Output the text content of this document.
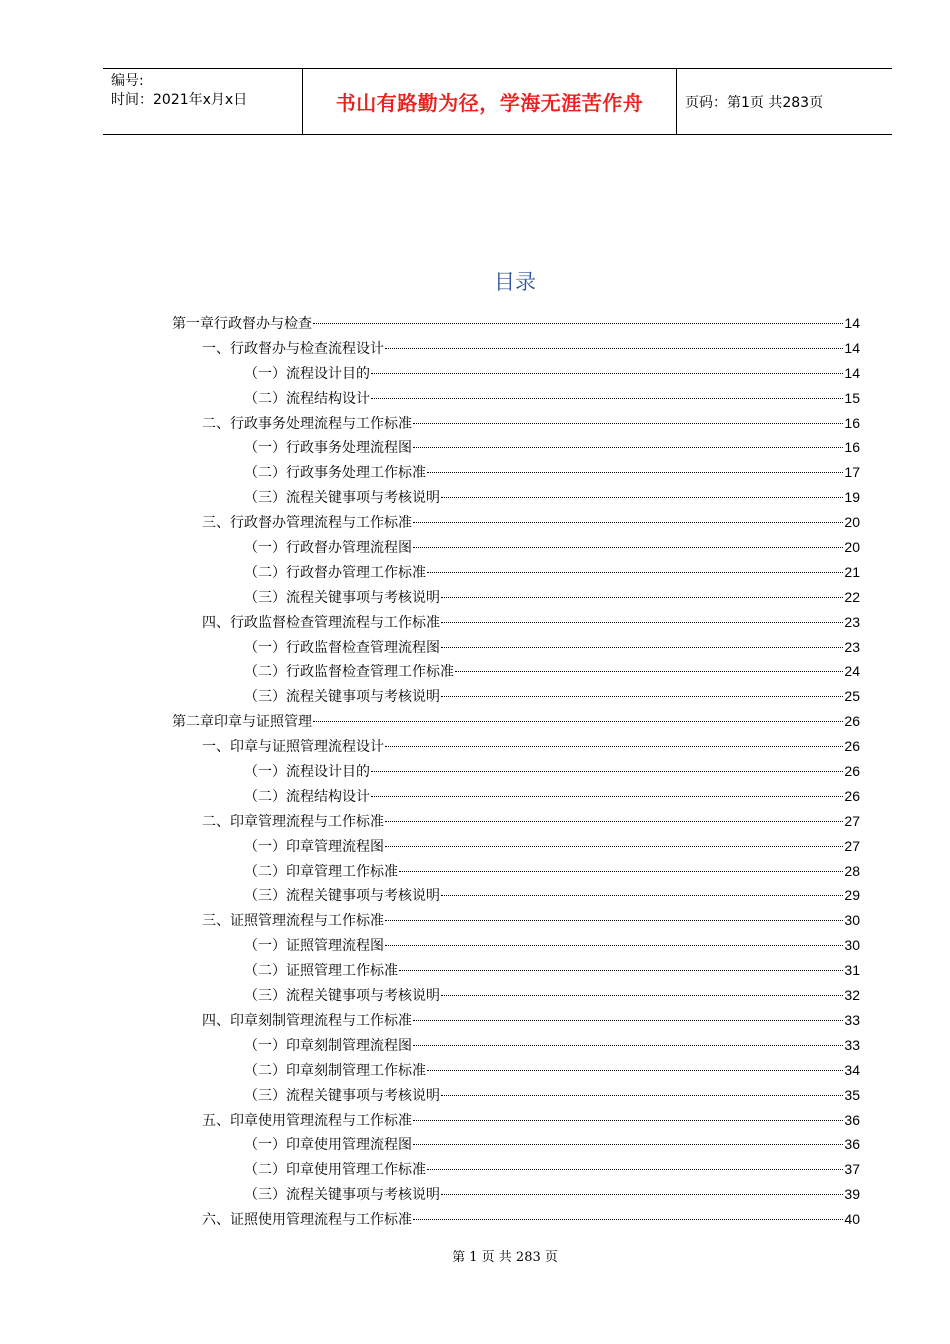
编号:
时间：2021年x月x日	书山有路勤为径，学海无涯苦作舟	页码：第1页 共283页
目录
第一章行政督办与检查	14
一、行政督办与检查流程设计	14
（一）流程设计目的	14
（二）流程结构设计	15
二、行政事务处理流程与工作标准	16
（一）行政事务处理流程图	16
（二）行政事务处理工作标准	17
（三）流程关键事项与考核说明	19
三、行政督办管理流程与工作标准	20
（一）行政督办管理流程图	20
（二）行政督办管理工作标准	21
（三）流程关键事项与考核说明	22
四、行政监督检查管理流程与工作标准	23
（一）行政监督检查管理流程图	23
（二）行政监督检查管理工作标准	24
（三）流程关键事项与考核说明	25
第二章印章与证照管理	26
一、印章与证照管理流程设计	26
（一）流程设计目的	26
（二）流程结构设计	26
二、印章管理流程与工作标准	27
（一）印章管理流程图	27
（二）印章管理工作标准	28
（三）流程关键事项与考核说明	29
三、证照管理流程与工作标准	30
（一）证照管理流程图	30
（二）证照管理工作标准	31
（三）流程关键事项与考核说明	32
四、印章刻制管理流程与工作标准	33
（一）印章刻制管理流程图	33
（二）印章刻制管理工作标准	34
（三）流程关键事项与考核说明	35
五、印章使用管理流程与工作标准	36
（一）印章使用管理流程图	36
（二）印章使用管理工作标准	37
（三）流程关键事项与考核说明	39
六、证照使用管理流程与工作标准	40
第 1 页 共 283 页
